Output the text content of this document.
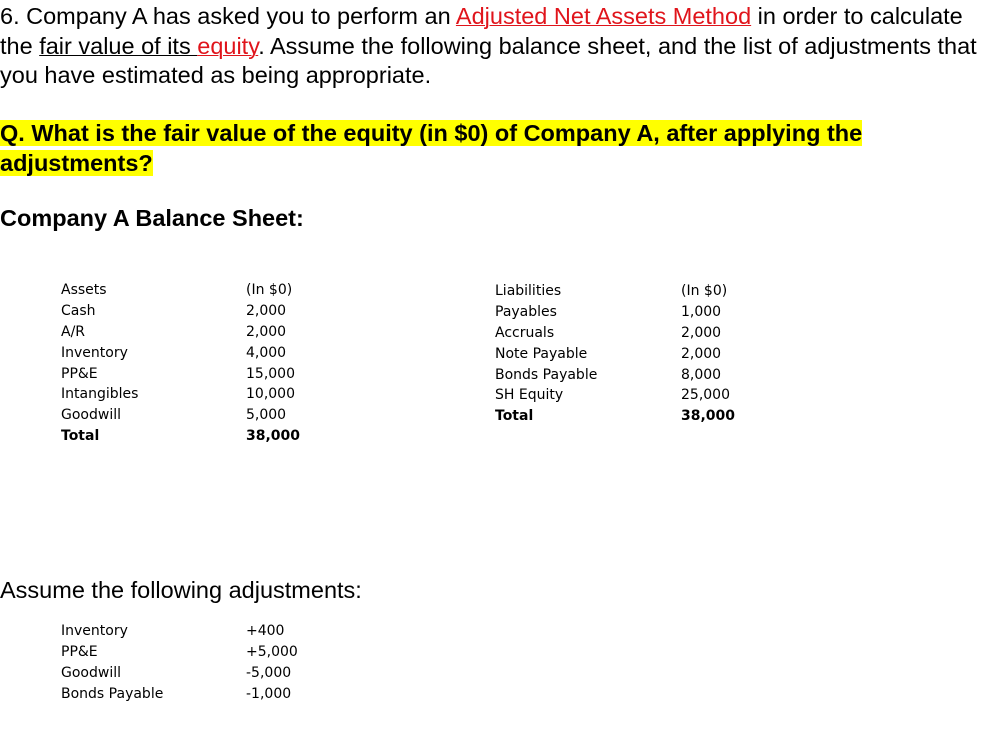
6. Company A has asked you to perform an Adjusted Net Assets Method in order to calculate the fair value of its equity. Assume the following balance sheet, and the list of adjustments that you have estimated as being appropriate.
Q. What is the fair value of the equity (in $0) of Company A, after applying the adjustments?
Company A Balance Sheet:
Assets	(In $0)
Cash	2,000
A/R	2,000
Inventory	4,000
PP&E	15,000
Intangibles	10,000
Goodwill	5,000
Total	38,000
Liabilities	(In $0)
Payables	1,000
Accruals	2,000
Note Payable	2,000
Bonds Payable	8,000
SH Equity	25,000
Total	38,000
Assume the following adjustments:
Inventory	+400
PP&E	+5,000
Goodwill	-5,000
Bonds Payable	-1,000
